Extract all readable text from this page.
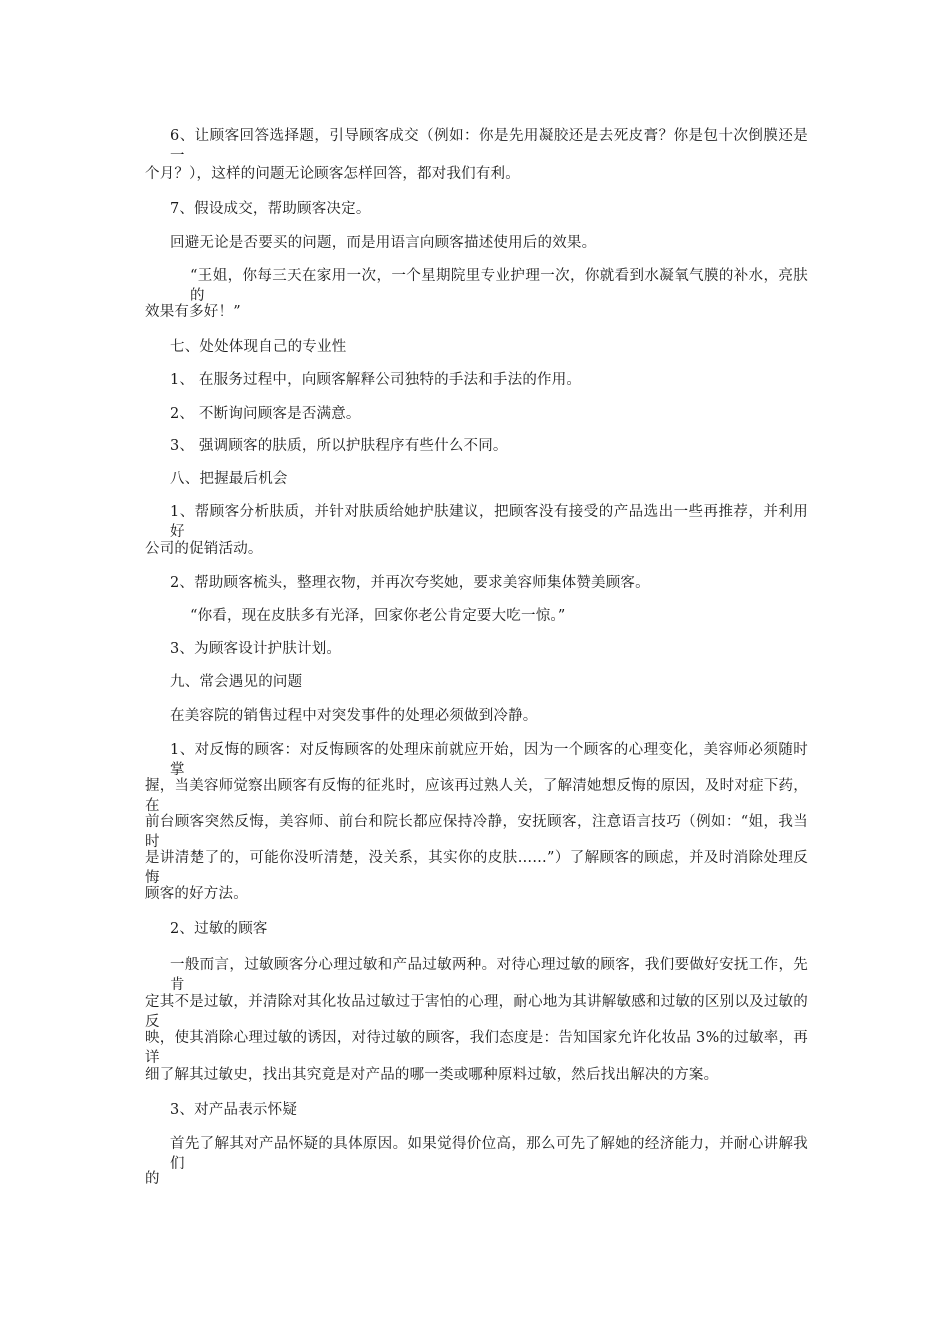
6、让顾客回答选择题，引导顾客成交（例如：你是先用凝胶还是去死皮膏？你是包十次倒膜还是一
个月？），这样的问题无论顾客怎样回答，都对我们有利。
7、假设成交，帮助顾客决定。
回避无论是否要买的问题，而是用语言向顾客描述使用后的效果。
“王姐，你每三天在家用一次，一个星期院里专业护理一次，你就看到水凝氧气膜的补水，亮肤的
效果有多好！”
七、处处体现自己的专业性
1、 在服务过程中，向顾客解释公司独特的手法和手法的作用。
2、 不断询问顾客是否满意。
3、 强调顾客的肤质，所以护肤程序有些什么不同。
八、把握最后机会
1、帮顾客分析肤质，并针对肤质给她护肤建议，把顾客没有接受的产品选出一些再推荐，并利用好
公司的促销活动。
2、帮助顾客梳头，整理衣物，并再次夸奖她，要求美容师集体赞美顾客。
“你看，现在皮肤多有光泽，回家你老公肯定要大吃一惊。”
3、为顾客设计护肤计划。
九、常会遇见的问题
在美容院的销售过程中对突发事件的处理必须做到冷静。
1、对反悔的顾客：对反悔顾客的处理床前就应开始，因为一个顾客的心理变化，美容师必须随时掌
握，当美容师觉察出顾客有反悔的征兆时，应该再过熟人关，了解清她想反悔的原因，及时对症下药，在
前台顾客突然反悔，美容师、前台和院长都应保持冷静，安抚顾客，注意语言技巧（例如：“姐，我当时
是讲清楚了的，可能你没听清楚，没关系，其实你的皮肤……”）了解顾客的顾虑，并及时消除处理反悔
顾客的好方法。
2、过敏的顾客
一般而言，过敏顾客分心理过敏和产品过敏两种。对待心理过敏的顾客，我们要做好安抚工作，先肯
定其不是过敏，并清除对其化妆品过敏过于害怕的心理，耐心地为其讲解敏感和过敏的区别以及过敏的反
映，使其消除心理过敏的诱因，对待过敏的顾客，我们态度是：告知国家允许化妆品 3%的过敏率，再详
细了解其过敏史，找出其究竟是对产品的哪一类或哪种原料过敏，然后找出解决的方案。
3、对产品表示怀疑
首先了解其对产品怀疑的具体原因。如果觉得价位高，那么可先了解她的经济能力，并耐心讲解我们
的
